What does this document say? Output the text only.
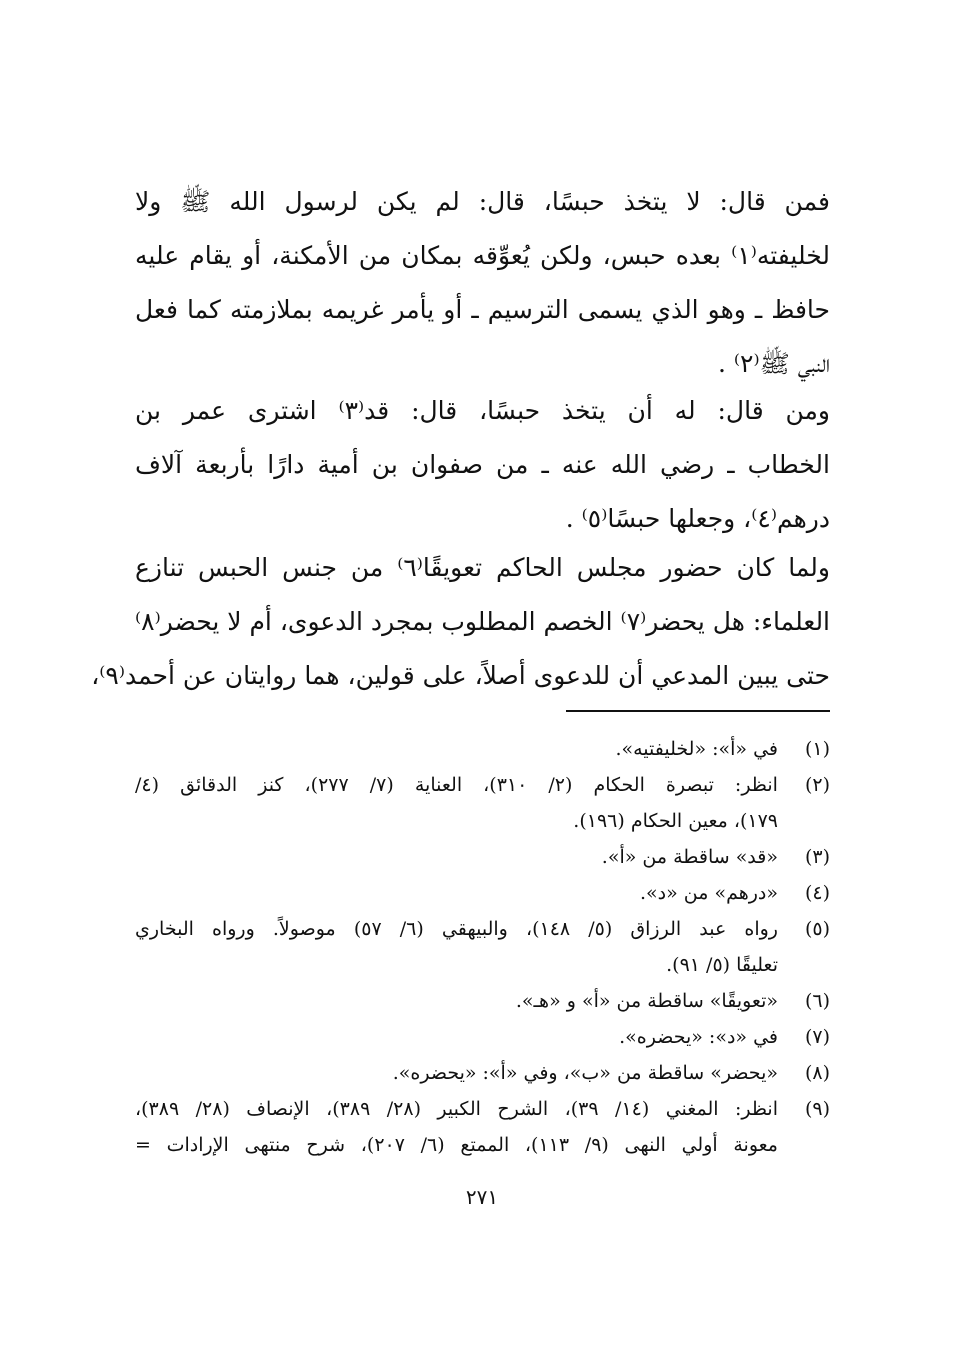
فمن قال: لا يتخذ حبسًا، قال: لم يكن لرسول الله ﷺ ولا
لخليفته⁽١⁾ بعده حبس، ولكن يُعوِّقه بمكان من الأمكنة، أو يقام عليه
حافظ ـ وهو الذي يسمى الترسيم ـ أو يأمر غريمه بملازمته كما فعل
النبي ﷺ⁽٢⁾ .

ومن قال: له أن يتخذ حبسًا، قال: قد⁽٣⁾ اشترى عمر بن
الخطاب ـ رضي الله عنه ـ من صفوان بن أمية دارًا بأربعة آلاف
درهم⁽٤⁾، وجعلها حبسًا⁽٥⁾ .

ولما كان حضور مجلس الحاكم تعويقًا⁽٦⁾ من جنس الحبس تنازع
العلماء: هل يحضر⁽٧⁾ الخصم المطلوب بمجرد الدعوى، أم لا يحضر⁽٨⁾
حتى يبين المدعي أن للدعوى أصلاً، على قولين، هما روايتان عن أحمد⁽٩⁾،

(١)
في «أ»: «لخليفتيه».
(٢)
انظر: تبصرة الحكام (٢/ ٣١٠)، العناية (٧/ ٢٧٧)، كنز الدقائق (٤/
١٧٩)، معين الحكام (١٩٦).
(٣)
«قد» ساقطة من «أ».
(٤)
«درهم» من «د».
(٥)
رواه عبد الرزاق (٥/ ١٤٨)، والبيهقي (٦/ ٥٧) موصولاً. ورواه البخاري
تعليقًا (٥/ ٩١).
(٦)
«تعويقًا» ساقطة من «أ» و «هـ».
(٧)
في «د»: «يحضره».
(٨)
«يحضر» ساقطة من «ب»، وفي «أ»: «يحضره».
(٩)
انظر: المغني (١٤/ ٣٩)، الشرح الكبير (٢٨/ ٣٨٩)، الإنصاف (٢٨/ ٣٨٩)،
معونة أولي النهى (٩/ ١١٣)، الممتع (٦/ ٢٠٧)، شرح منتهى الإرادات =
٢٧١
